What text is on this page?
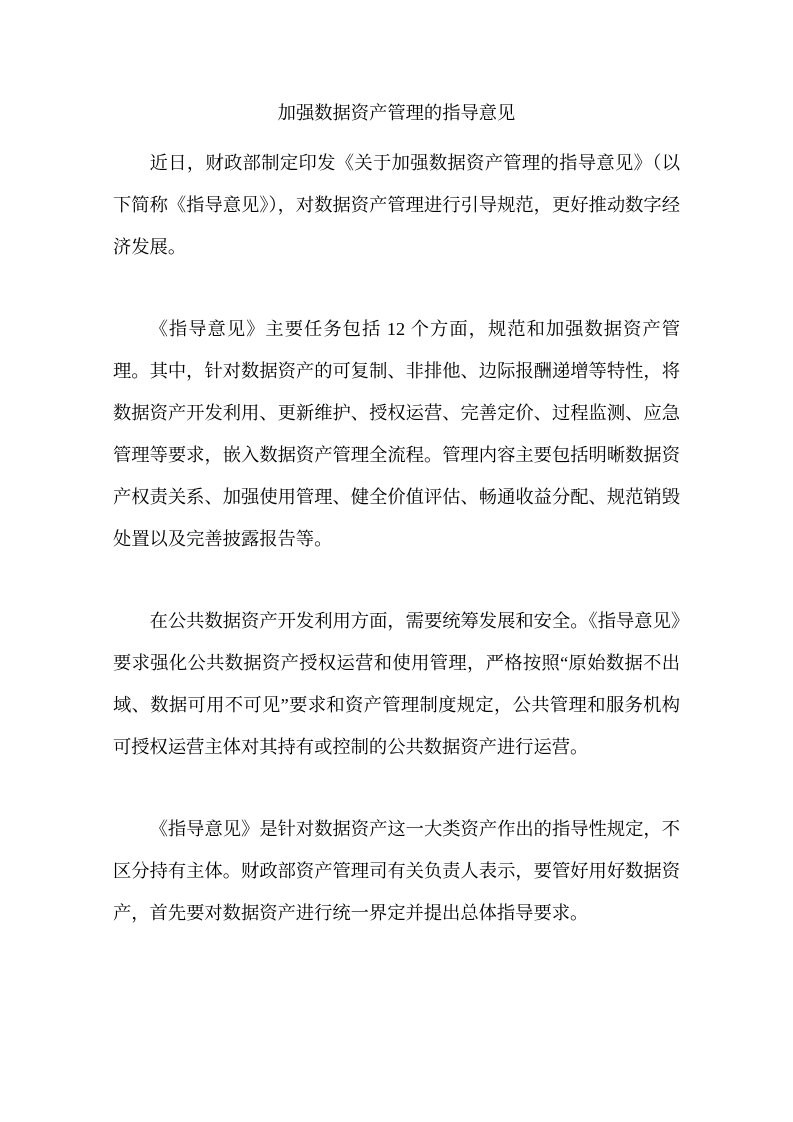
加强数据资产管理的指导意见

近日，财政部制定印发《关于加强数据资产管理的指导意见》（以下简称《指导意见》），对数据资产管理进行引导规范，更好推动数字经济发展。

《指导意见》主要任务包括 12 个方面，规范和加强数据资产管理。其中，针对数据资产的可复制、非排他、边际报酬递增等特性，将数据资产开发利用、更新维护、授权运营、完善定价、过程监测、应急管理等要求，嵌入数据资产管理全流程。管理内容主要包括明晰数据资产权责关系、加强使用管理、健全价值评估、畅通收益分配、规范销毁处置以及完善披露报告等。

在公共数据资产开发利用方面，需要统筹发展和安全。《指导意见》要求强化公共数据资产授权运营和使用管理，严格按照“原始数据不出域、数据可用不可见”要求和资产管理制度规定，公共管理和服务机构可授权运营主体对其持有或控制的公共数据资产进行运营。

《指导意见》是针对数据资产这一大类资产作出的指导性规定，不区分持有主体。财政部资产管理司有关负责人表示，要管好用好数据资产，首先要对数据资产进行统一界定并提出总体指导要求。
